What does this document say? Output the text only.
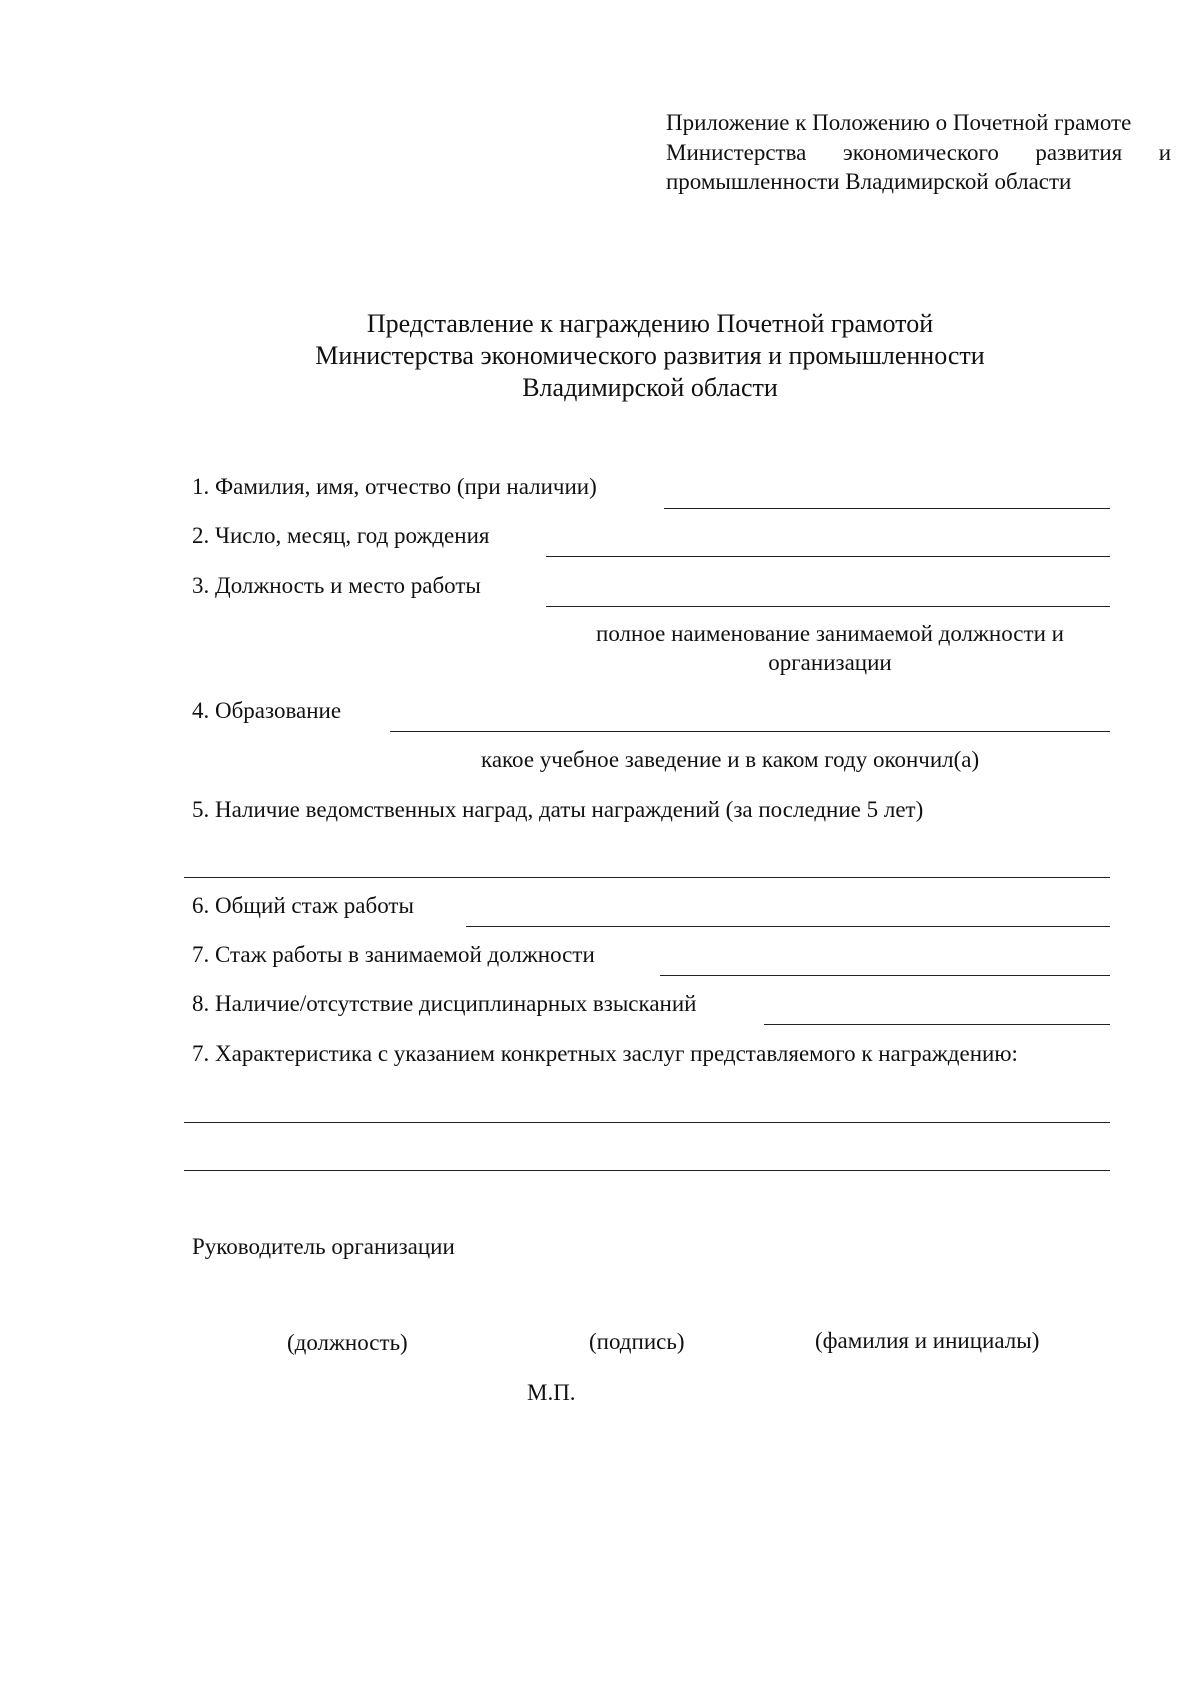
Приложение к Положению о Почетной грамоте
Министерства экономического развития и
промышленности Владимирской области
Представление к награждению Почетной грамотой
Министерства экономического развития и промышленности
Владимирской области
1. Фамилия, имя, отчество (при наличии)
2. Число, месяц, год рождения
3. Должность и место работы
полное наименование занимаемой должности и
организации
4. Образование
какое учебное заведение и в каком году окончил(а)
5. Наличие ведомственных наград, даты награждений (за последние 5 лет)
6. Общий стаж работы
7. Стаж работы в занимаемой должности
8. Наличие/отсутствие дисциплинарных взысканий
7. Характеристика с указанием конкретных заслуг представляемого к награждению:
Руководитель организации
(должность)	(подпись)	(фамилия и инициалы)
М.П.
